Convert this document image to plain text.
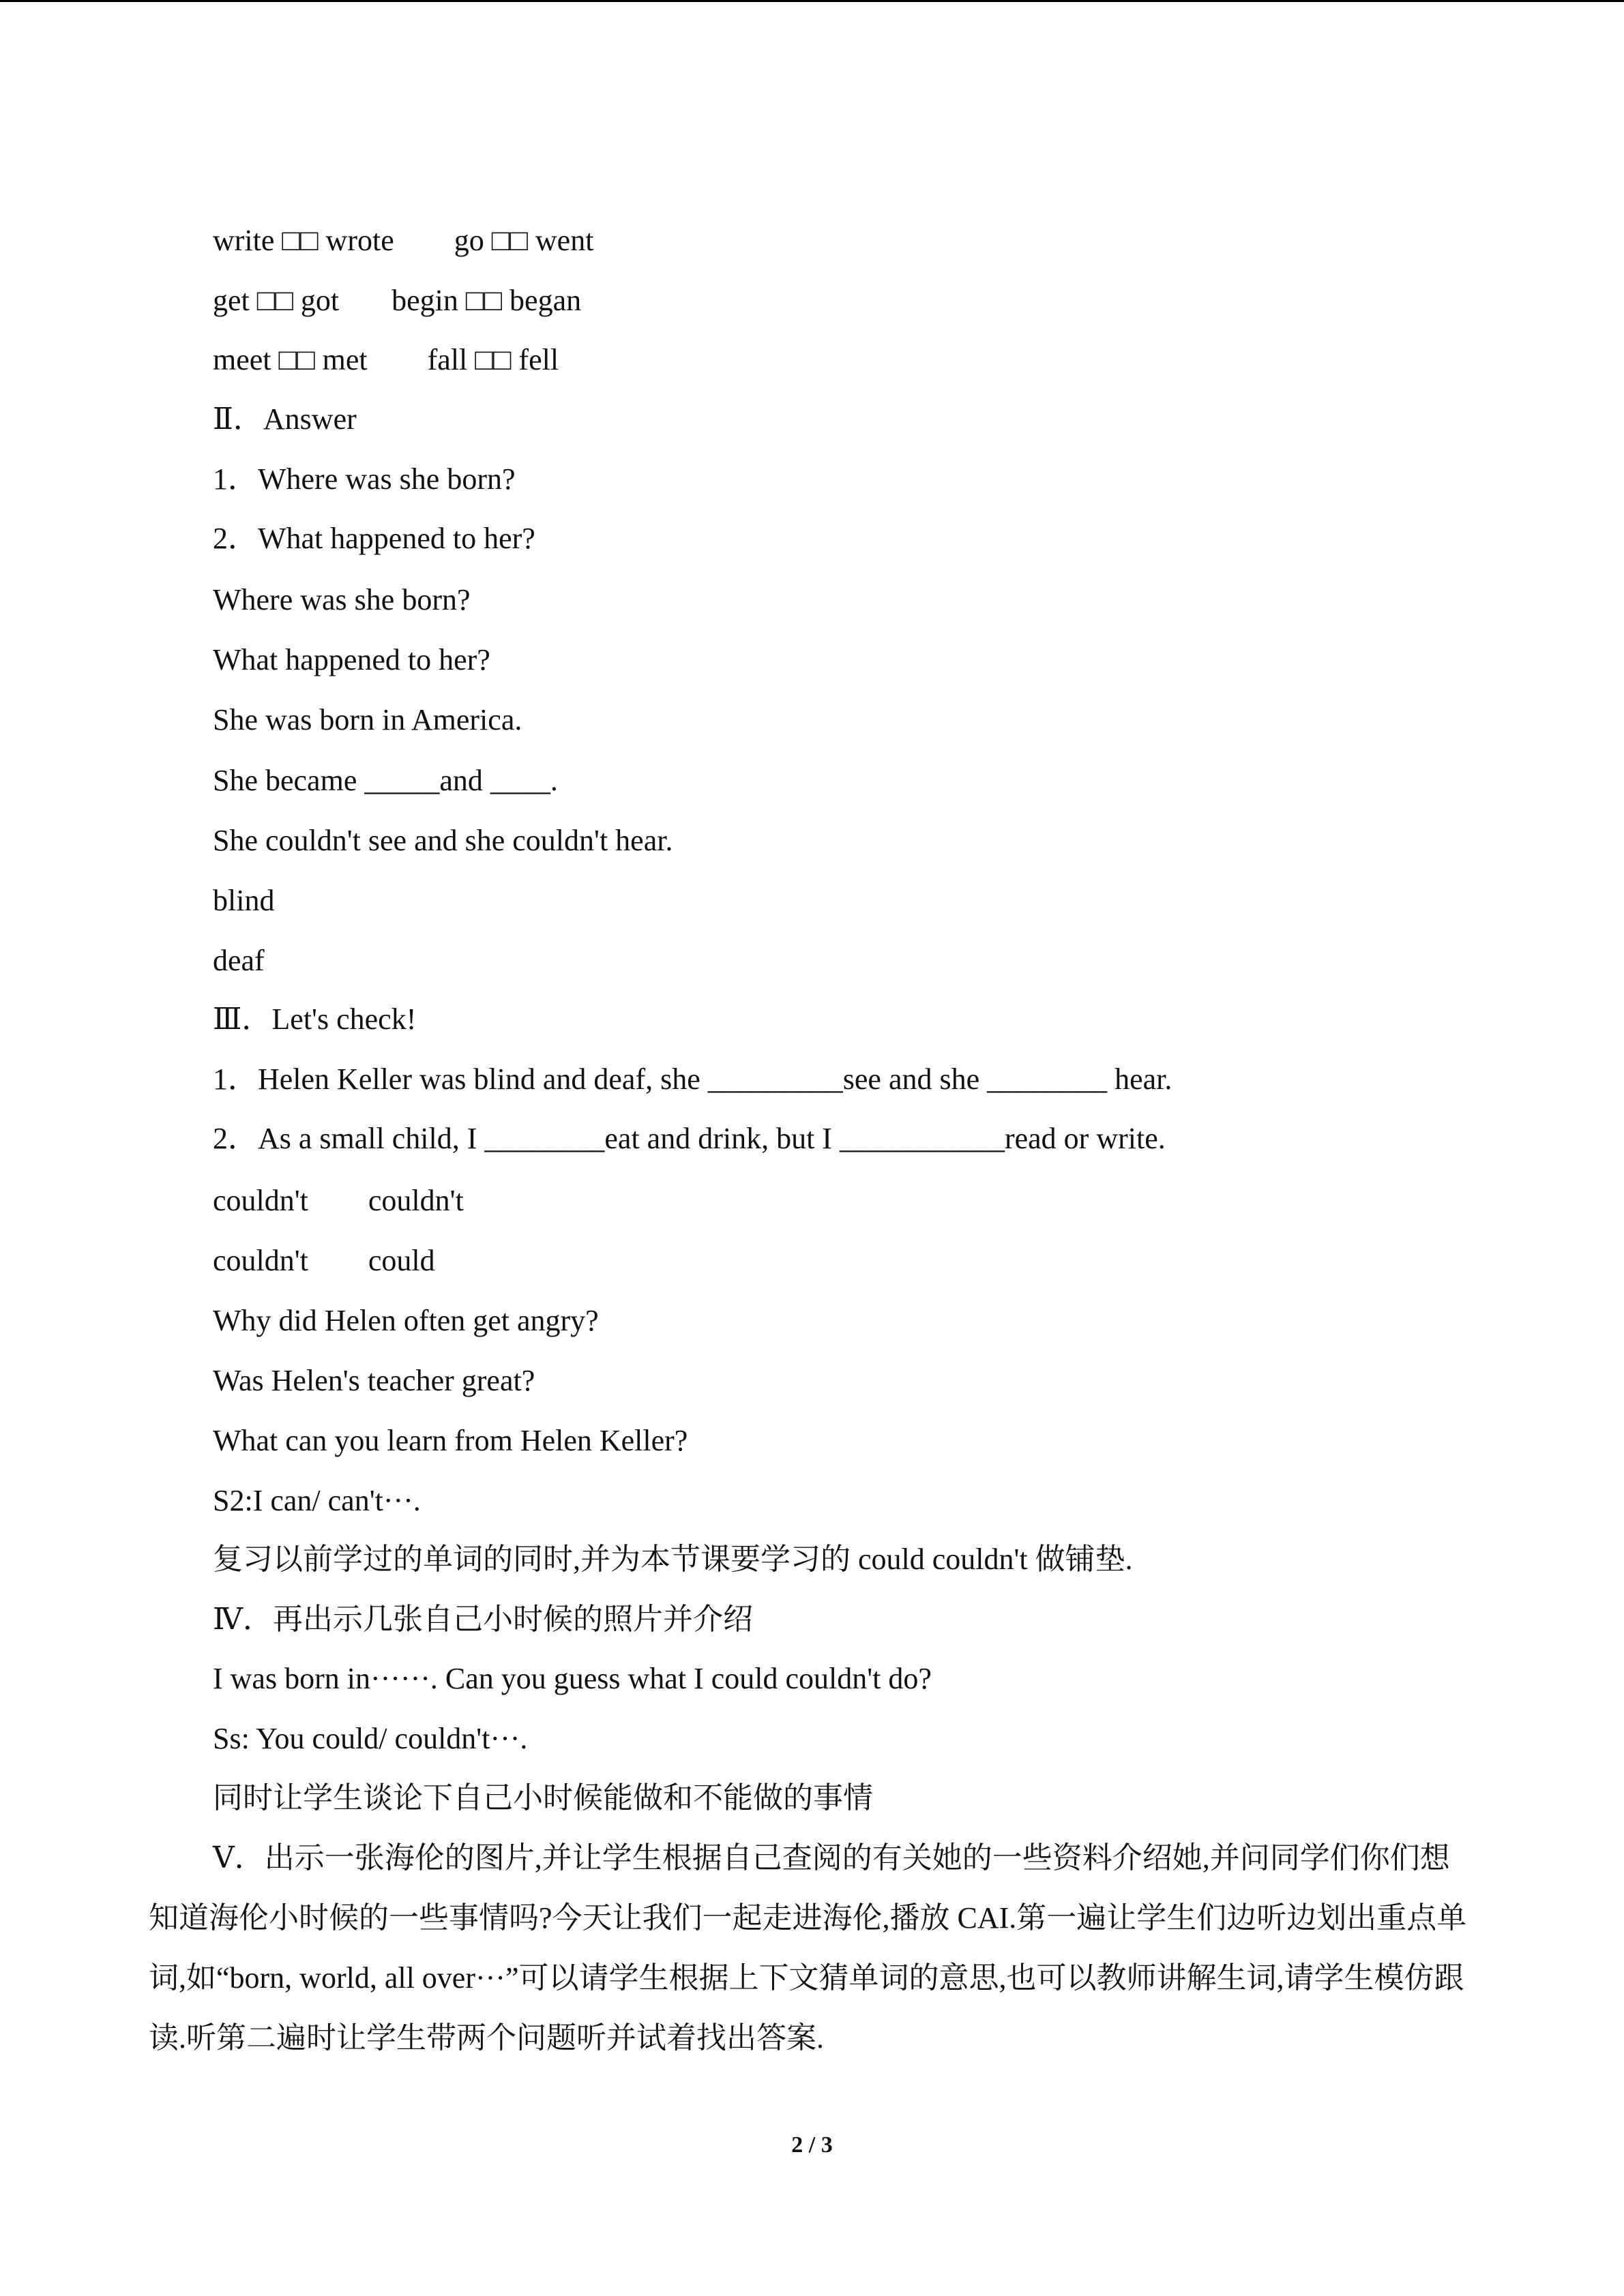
write □□ wrote        go □□ went
get □□ got       begin □□ began
meet □□ met        fall □□ fell
Ⅱ．Answer
1．Where was she born?
2．What happened to her?
Where was she born?
What happened to her?
She was born in America.
She became _____and ____.
She couldn't see and she couldn't hear.
blind
deaf
Ⅲ．Let's check!
1．Helen Keller was blind and deaf, she _________see and she ________ hear.
2．As a small child, I ________eat and drink, but I ___________read or write.
couldn't        couldn't
couldn't        could
Why did Helen often get angry?
Was Helen's teacher great?
What can you learn from Helen Keller?
S2:I can/ can't···.
复习以前学过的单词的同时,并为本节课要学习的 could couldn't 做铺垫.
Ⅳ．再出示几张自己小时候的照片并介绍
I was born in······. Can you guess what I could couldn't do?
Ss: You could/ couldn't···.
同时让学生谈论下自己小时候能做和不能做的事情
Ⅴ．出示一张海伦的图片,并让学生根据自己查阅的有关她的一些资料介绍她,并问同学们你们想知道海伦小时候的一些事情吗?今天让我们一起走进海伦,播放 CAI.第一遍让学生们边听边划出重点单词,如“born, world, all over···”可以请学生根据上下文猜单词的意思,也可以教师讲解生词,请学生模仿跟读.听第二遍时让学生带两个问题听并试着找出答案.
2 / 3
